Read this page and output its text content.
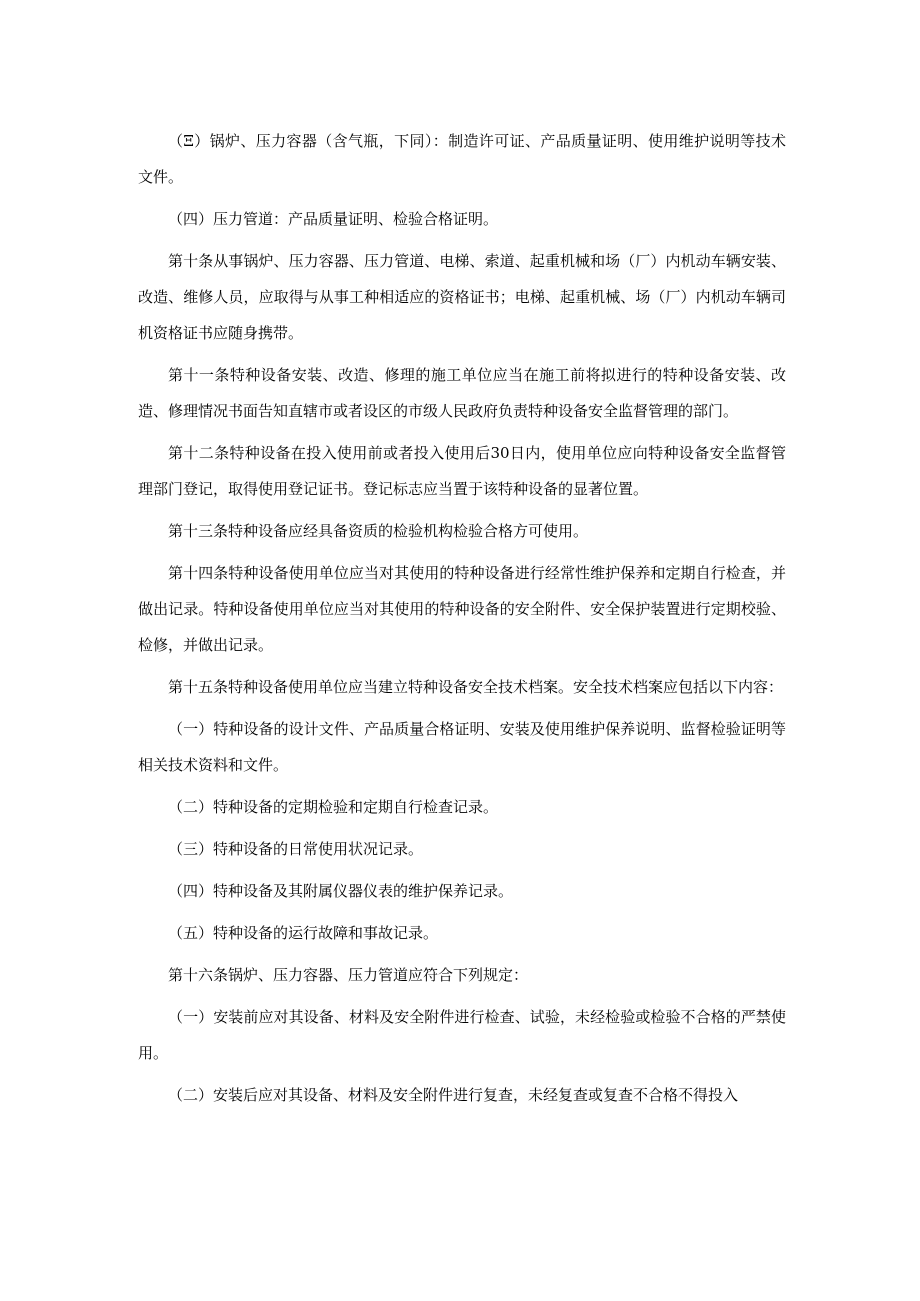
（Ξ）锅炉、压力容器（含气瓶，下同）：制造许可证、产品质量证明、使用维护说明等技术文件。

（四）压力管道：产品质量证明、检验合格证明。

第十条从事锅炉、压力容器、压力管道、电梯、索道、起重机械和场（厂）内机动车辆安装、改造、维修人员，应取得与从事工种相适应的资格证书；电梯、起重机械、场（厂）内机动车辆司机资格证书应随身携带。

第十一条特种设备安装、改造、修理的施工单位应当在施工前将拟进行的特种设备安装、改造、修理情况书面告知直辖市或者设区的市级人民政府负责特种设备安全监督管理的部门。

第十二条特种设备在投入使用前或者投入使用后30日内，使用单位应向特种设备安全监督管理部门登记，取得使用登记证书。登记标志应当置于该特种设备的显著位置。

第十三条特种设备应经具备资质的检验机构检验合格方可使用。

第十四条特种设备使用单位应当对其使用的特种设备进行经常性维护保养和定期自行检查，并做出记录。特种设备使用单位应当对其使用的特种设备的安全附件、安全保护装置进行定期校验、检修，并做出记录。

第十五条特种设备使用单位应当建立特种设备安全技术档案。安全技术档案应包括以下内容：

（一）特种设备的设计文件、产品质量合格证明、安装及使用维护保养说明、监督检验证明等相关技术资料和文件。

（二）特种设备的定期检验和定期自行检查记录。

（三）特种设备的日常使用状况记录。

（四）特种设备及其附属仪器仪表的维护保养记录。

（五）特种设备的运行故障和事故记录。

第十六条锅炉、压力容器、压力管道应符合下列规定：

（一）安装前应对其设备、材料及安全附件进行检查、试验，未经检验或检验不合格的严禁使用。

（二）安装后应对其设备、材料及安全附件进行复查，未经复查或复查不合格不得投入
